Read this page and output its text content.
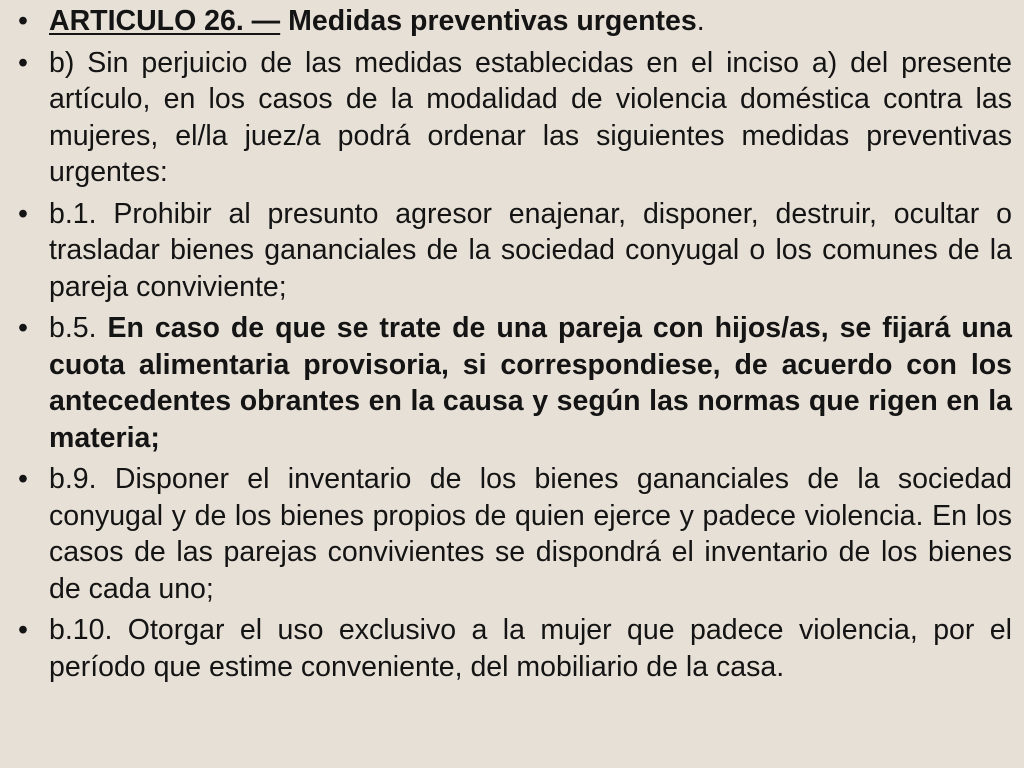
• ARTICULO 26. — Medidas preventivas urgentes.
• b) Sin perjuicio de las medidas establecidas en el inciso a) del presente artículo, en los casos de la modalidad de violencia doméstica contra las mujeres, el/la juez/a podrá ordenar las siguientes medidas preventivas urgentes:
• b.1. Prohibir al presunto agresor enajenar, disponer, destruir, ocultar o trasladar bienes gananciales de la sociedad conyugal o los comunes de la pareja conviviente;
• b.5. En caso de que se trate de una pareja con hijos/as, se fijará una cuota alimentaria provisoria, si correspondiese, de acuerdo con los antecedentes obrantes en la causa y según las normas que rigen en la materia;
• b.9. Disponer el inventario de los bienes gananciales de la sociedad conyugal y de los bienes propios de quien ejerce y padece violencia. En los casos de las parejas convivientes se dispondrá el inventario de los bienes de cada uno;
• b.10. Otorgar el uso exclusivo a la mujer que padece violencia, por el período que estime conveniente, del mobiliario de la casa.
